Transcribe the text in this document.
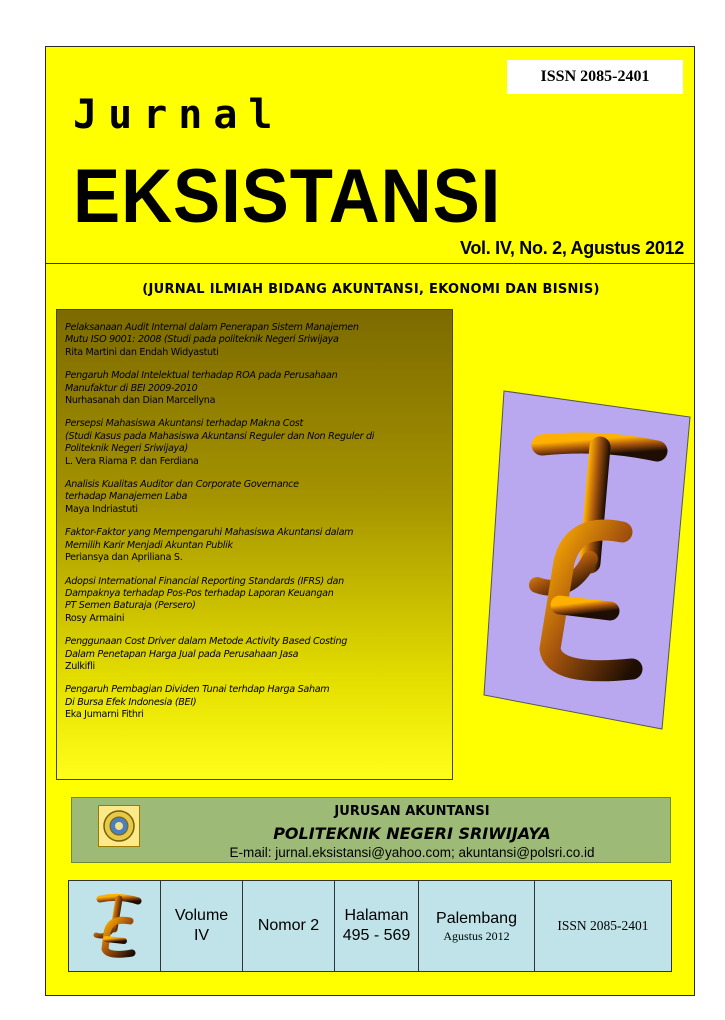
ISSN 2085-2401
Jurnal
EKSISTANSI
Vol. IV, No. 2, Agustus 2012
(JURNAL ILMIAH BIDANG AKUNTANSI, EKONOMI DAN BISNIS)
Pelaksanaan Audit Internal dalam Penerapan Sistem Manajemen
Mutu ISO 9001: 2008 (Studi pada politeknik Negeri Sriwijaya
Rita Martini dan Endah Widyastuti
Pengaruh Modal Intelektual terhadap ROA pada Perusahaan
Manufaktur di BEI 2009-2010
Nurhasanah dan Dian Marcellyna
Persepsi Mahasiswa Akuntansi terhadap Makna Cost
(Studi Kasus pada Mahasiswa Akuntansi Reguler dan Non Reguler di
Politeknik Negeri Sriwijaya)
L. Vera Riama P. dan Ferdiana
Analisis Kualitas Auditor dan Corporate Governance
terhadap Manajemen Laba
Maya Indriastuti
Faktor-Faktor yang Mempengaruhi Mahasiswa Akuntansi dalam
Memilih Karir Menjadi Akuntan Publik
Periansya dan Apriliana S.
Adopsi International Financial Reporting Standards (IFRS) dan
Dampaknya terhadap Pos-Pos terhadap Laporan Keuangan
PT Semen Baturaja (Persero)
Rosy Armaini
Penggunaan Cost Driver dalam Metode Activity Based Costing
Dalam Penetapan Harga Jual pada Perusahaan Jasa
Zulkifli
Pengaruh Pembagian Dividen Tunai terhdap Harga Saham
Di Bursa Efek Indonesia (BEI)
Eka Jumarni Fithri
JURUSAN AKUNTANSI
POLITEKNIK NEGERI SRIWIJAYA
E-mail: jurnal.eksistansi@yahoo.com; akuntansi@polsri.co.id

Volume
IV

Nomor 2

Halaman
495 - 569

Palembang
Agustus 2012

ISSN 2085-2401
